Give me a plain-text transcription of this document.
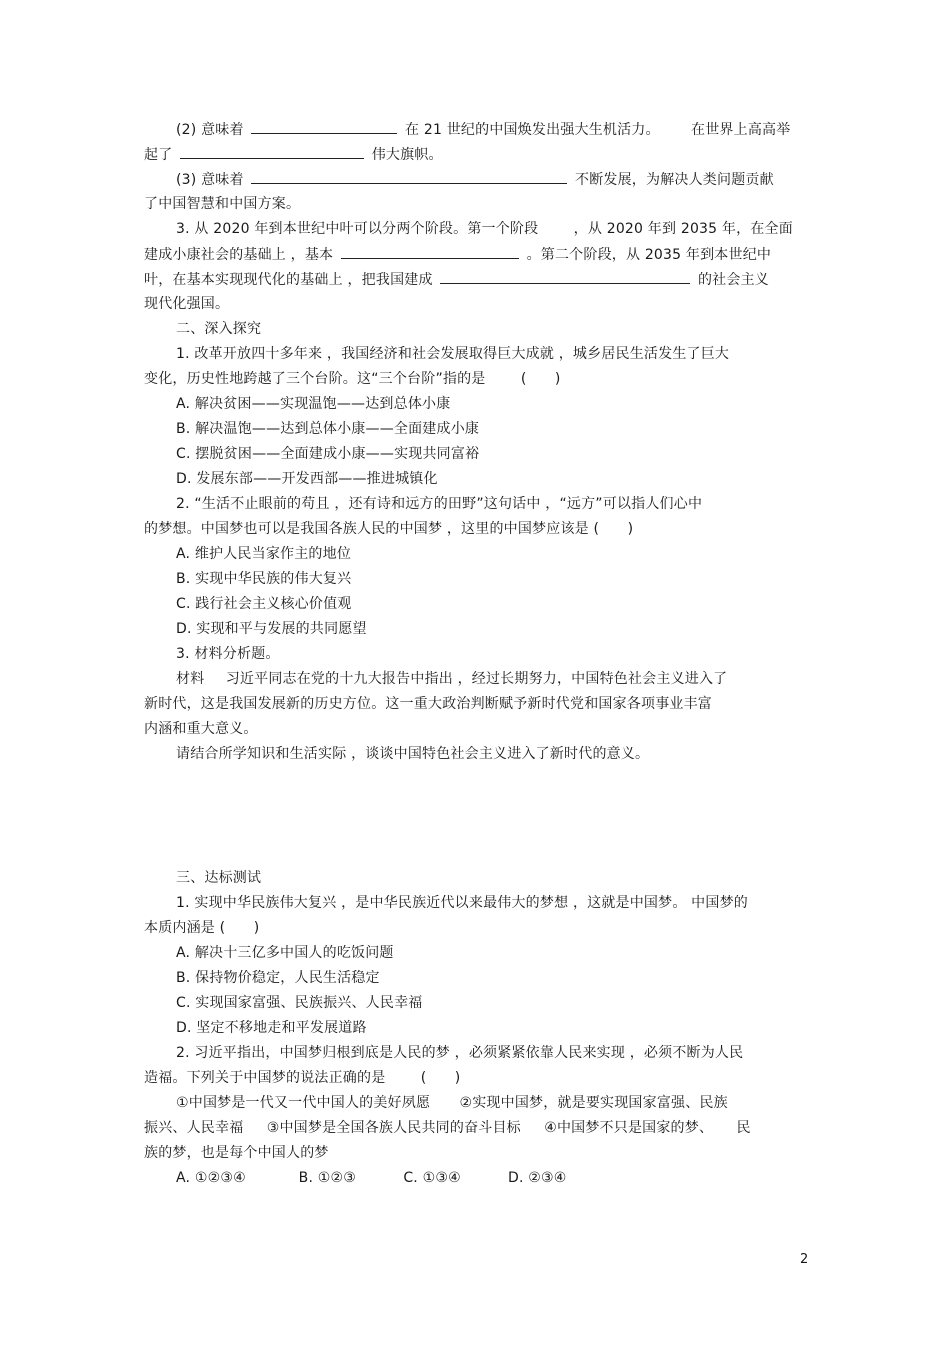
(2) 意味着	在 21 世纪的中国焕发出强大生机活力。 在世界上高高举
起了	伟大旗帜。
(3) 意味着	不断发展，为解决人类问题贡献
了中国智慧和中国方案。
3. 从 2020 年到本世纪中叶可以分两个阶段。第一个阶段	，从 2020 年到 2035 年，在全面
建成小康社会的基础上 ，基本	。第二个阶段，从 2035 年到本世纪中
叶，在基本实现现代化的基础上 ，把我国建成	的社会主义
现代化强国。
二、深入探究
1. 改革开放四十多年来 ，我国经济和社会发展取得巨大成就 ，城乡居民生活发生了巨大
变化，历史性地跨越了三个台阶。这“三个台阶”指的是	(　　)
A. 解决贫困——实现温饱——达到总体小康
B. 解决温饱——达到总体小康——全面建成小康
C. 摆脱贫困——全面建成小康——实现共同富裕
D. 发展东部——开发西部——推进城镇化
2. “生活不止眼前的苟且 ，还有诗和远方的田野”这句话中 ，“远方”可以指人们心中
的梦想。中国梦也可以是我国各族人民的中国梦 ，这里的中国梦应该是 (　　)
A. 维护人民当家作主的地位
B. 实现中华民族的伟大复兴
C. 践行社会主义核心价值观
D. 实现和平与发展的共同愿望
3. 材料分析题。
材料 习近平同志在党的十九大报告中指出 ，经过长期努力，中国特色社会主义进入了
新时代，这是我国发展新的历史方位。这一重大政治判断赋予新时代党和国家各项事业丰富
内涵和重大意义。
请结合所学知识和生活实际 ，谈谈中国特色社会主义进入了新时代的意义。
三、达标测试
1. 实现中华民族伟大复兴 ，是中华民族近代以来最伟大的梦想 ，这就是中国梦。 中国梦的
本质内涵是 (　　)
A. 解决十三亿多中国人的吃饭问题
B. 保持物价稳定，人民生活稳定
C. 实现国家富强、民族振兴、人民幸福
D. 坚定不移地走和平发展道路
2. 习近平指出，中国梦归根到底是人民的梦 ，必须紧紧依靠人民来实现 ，必须不断为人民
造福。下列关于中国梦的说法正确的是	(　　)
①中国梦是一代又一代中国人的美好夙愿 ②实现中国梦，就是要实现国家富强、民族
振兴、人民幸福 ③中国梦是全国各族人民共同的奋斗目标 ④中国梦不只是国家的梦、 民
族的梦，也是每个中国人的梦
A. ①②③④	B. ①②③	C. ①③④	D. ②③④
2
